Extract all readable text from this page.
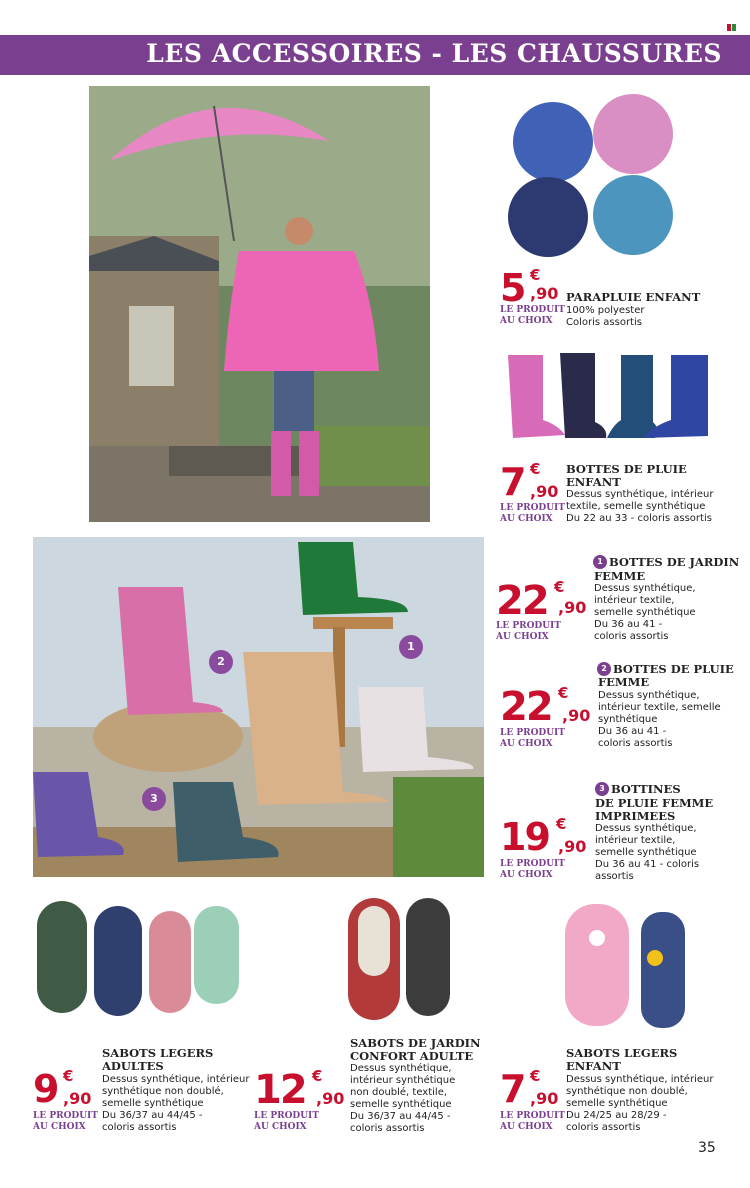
LES ACCESSOIRES - LES CHAUSSURES
2
1
3
5 €
,90
LE PRODUIT
AU CHOIX
PARAPLUIE ENFANT
100% polyester
Coloris assortis
7 €
,90
LE PRODUIT
AU CHOIX
BOTTES DE PLUIE
ENFANT
Dessus synthétique, intérieur
textile, semelle synthétique
Du 22 au 33 - coloris assortis
1
22 €
,90
LE PRODUIT
AU CHOIX
BOTTES DE JARDIN
FEMME
Dessus synthétique,
intérieur textile,
semelle synthétique
Du 36 au 41 -
coloris assortis
2
22 €
,90
LE PRODUIT
AU CHOIX
BOTTES DE PLUIE
FEMME
Dessus synthétique,
intérieur textile, semelle
synthétique
Du 36 au 41 -
coloris assortis
3
19 €
,90
LE PRODUIT
AU CHOIX
BOTTINES
DE PLUIE FEMME
IMPRIMEES
Dessus synthétique,
intérieur textile,
semelle synthétique
Du 36 au 41 - coloris
assortis
9 €
,90
LE PRODUIT
AU CHOIX
SABOTS LEGERS
ADULTES
Dessus synthétique, intérieur
synthétique non doublé,
semelle synthétique
Du 36/37 au 44/45 -
coloris assortis
12 €
,90
LE PRODUIT
AU CHOIX
SABOTS DE JARDIN
CONFORT ADULTE
Dessus synthétique,
intérieur synthétique
non doublé, textile,
semelle synthétique
Du 36/37 au 44/45 -
coloris assortis
7 €
,90
LE PRODUIT
AU CHOIX
SABOTS LEGERS
ENFANT
Dessus synthétique, intérieur
synthétique non doublé,
semelle synthétique
Du 24/25 au 28/29 -
coloris assortis
35
